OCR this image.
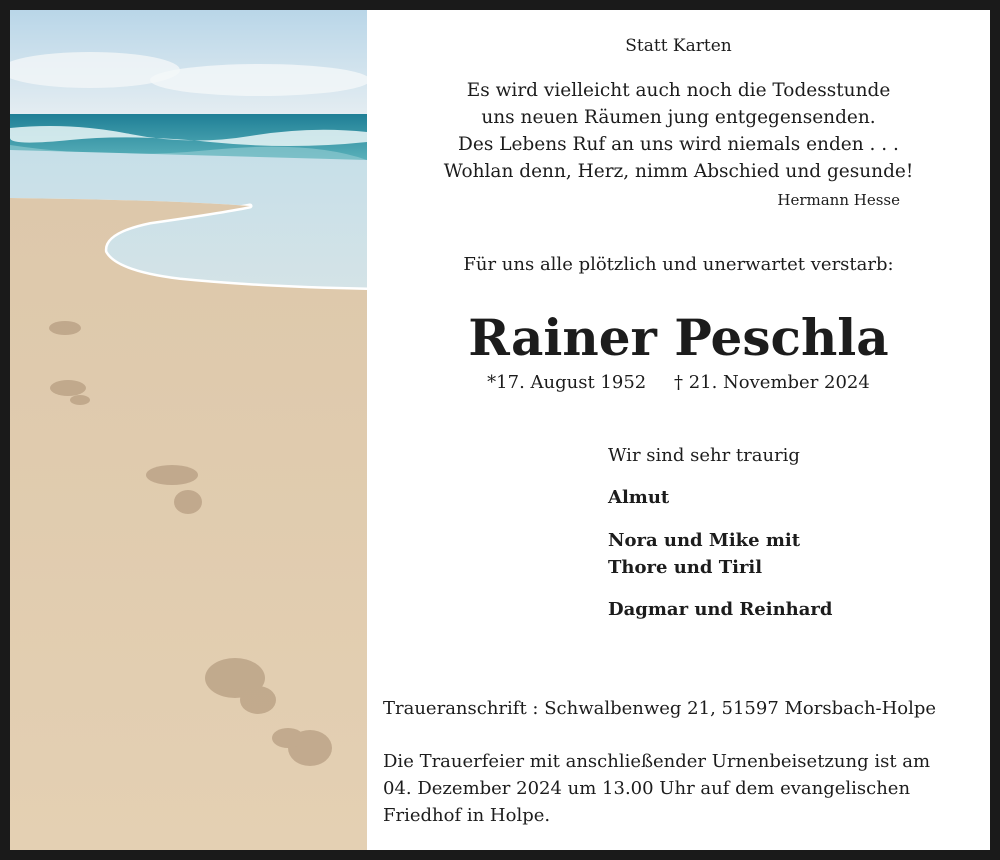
Statt Karten
Es wird vielleicht auch noch die Todesstunde
uns neuen Räumen jung entgegensenden.
Des Lebens Ruf an uns wird niemals enden . . .
Wohlan denn, Herz, nimm Abschied und gesunde!
Hermann Hesse
Für uns alle plötzlich und unerwartet verstarb:
Rainer Peschla
*17. August 1952 † 21. November 2024
Wir sind sehr traurig
Almut
Nora und Mike mit
Thore und Tiril
Dagmar und Reinhard
Traueranschrift : Schwalbenweg 21, 51597 Morsbach-Holpe
Die Trauerfeier mit anschließender Urnenbeisetzung ist am
04. Dezember 2024 um 13.00 Uhr auf dem evangelischen
Friedhof in Holpe.
